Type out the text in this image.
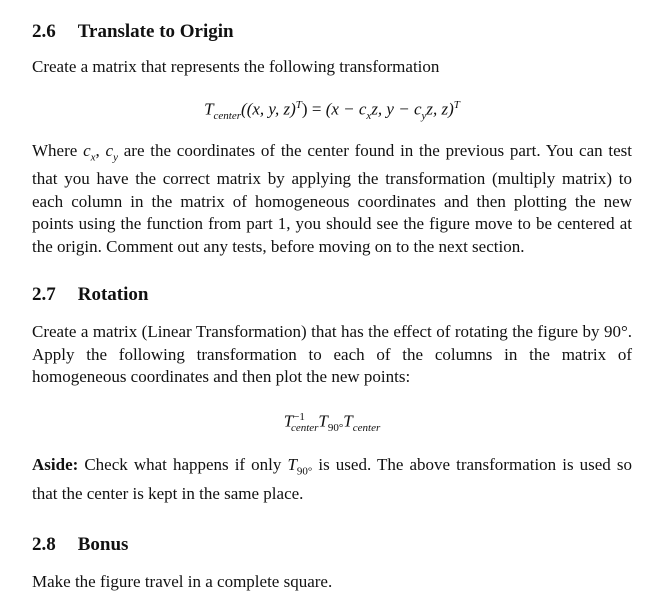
2.6 Translate to Origin

Create a matrix that represents the following transformation

$T_{center}((x$, y, $z)^T) = (x - c_xz$, $y - c_yz$, z)$^T$

Where $c_x$, $c_y$ are the coordinates of the center found in the previous part. You can test that you have the correct matrix by applying the transformation (multiply matrix) to each column in the matrix of homogeneous coordinates and then plotting the new points using the function from part 1, you should see the figure move to be centered at the origin. Comment out any tests, before moving on to the next section.

2.7 Rotation

Create a matrix (Linear Transformation) that has the effect of rotating the figure by 90°. Apply the following transformation to each of the columns in the matrix of homogeneous coordinates and then plot the new points:

$T^{-1}_{center}T_{90^\circ}T_{center}$

Aside: Check what happens if only $T_{90^\circ}$ is used. The above transformation is used so that the center is kept in the same place.

2.8 Bonus

Make the figure travel in a complete square.
